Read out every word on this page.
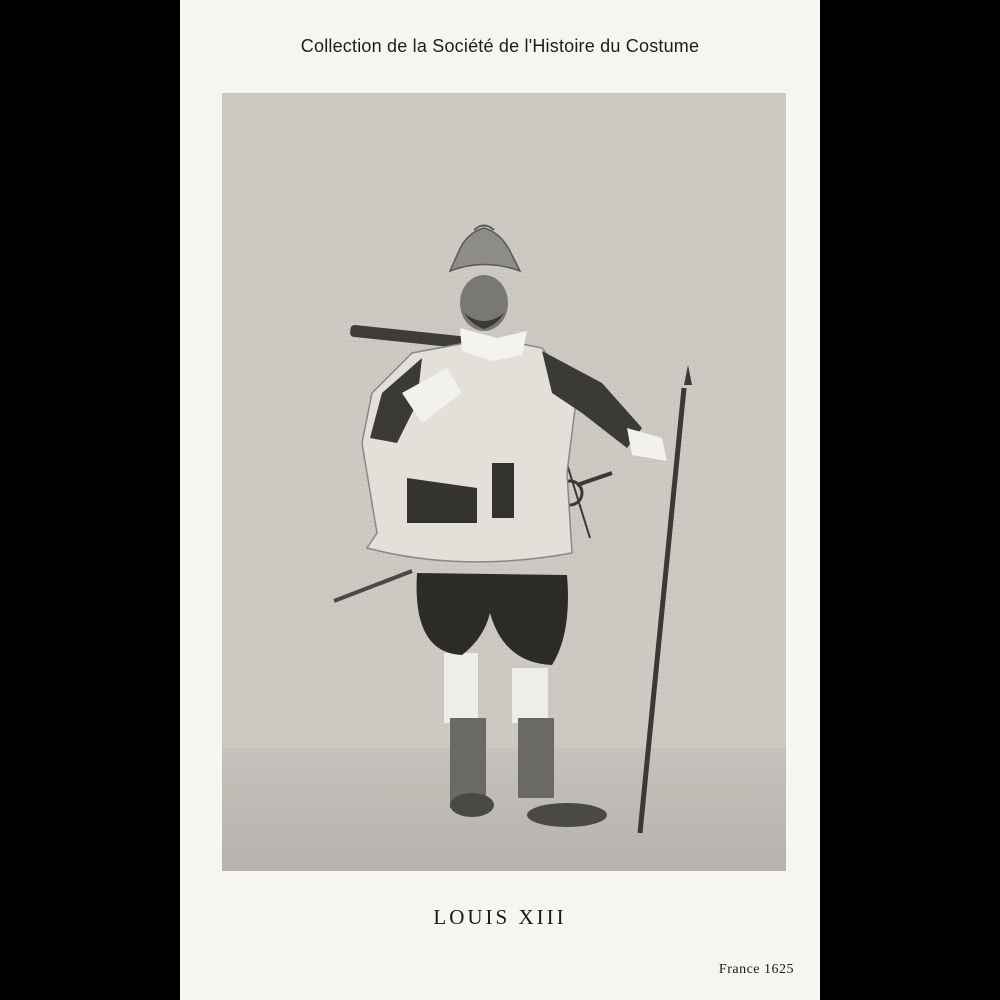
Collection de la Société de l'Histoire du Costume
LOUIS XIII
France 1625
